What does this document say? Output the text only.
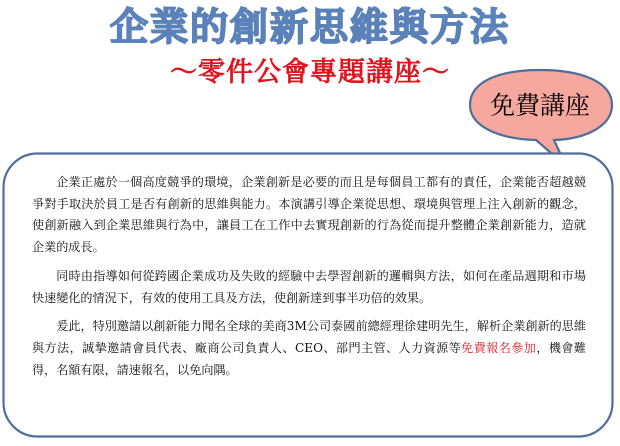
企業的創新思維與方法
～零件公會專題講座～
免費講座

企業正處於一個高度競爭的環境，企業創新是必要的而且是每個員工都有的責任，企業能否超越競爭對手取決於員工是否有創新的思維與能力。本演講引導企業從思想、環境與管理上注入創新的觀念，使創新融入到企業思維與行為中，讓員工在工作中去實現創新的行為從而提升整體企業創新能力，造就企業的成長。

同時由指導如何從跨國企業成功及失敗的經驗中去學習創新的邏輯與方法，如何在產品週期和市場快速變化的情況下，有效的使用工具及方法，使創新達到事半功倍的效果。

爰此，特別邀請以創新能力聞名全球的美商3M公司泰國前總經理徐建明先生，解析企業創新的思維與方法，誠摯邀請會員代表、廠商公司負責人、CEO、部門主管、人力資源等免費報名參加，機會難得，名額有限，請速報名，以免向隅。
